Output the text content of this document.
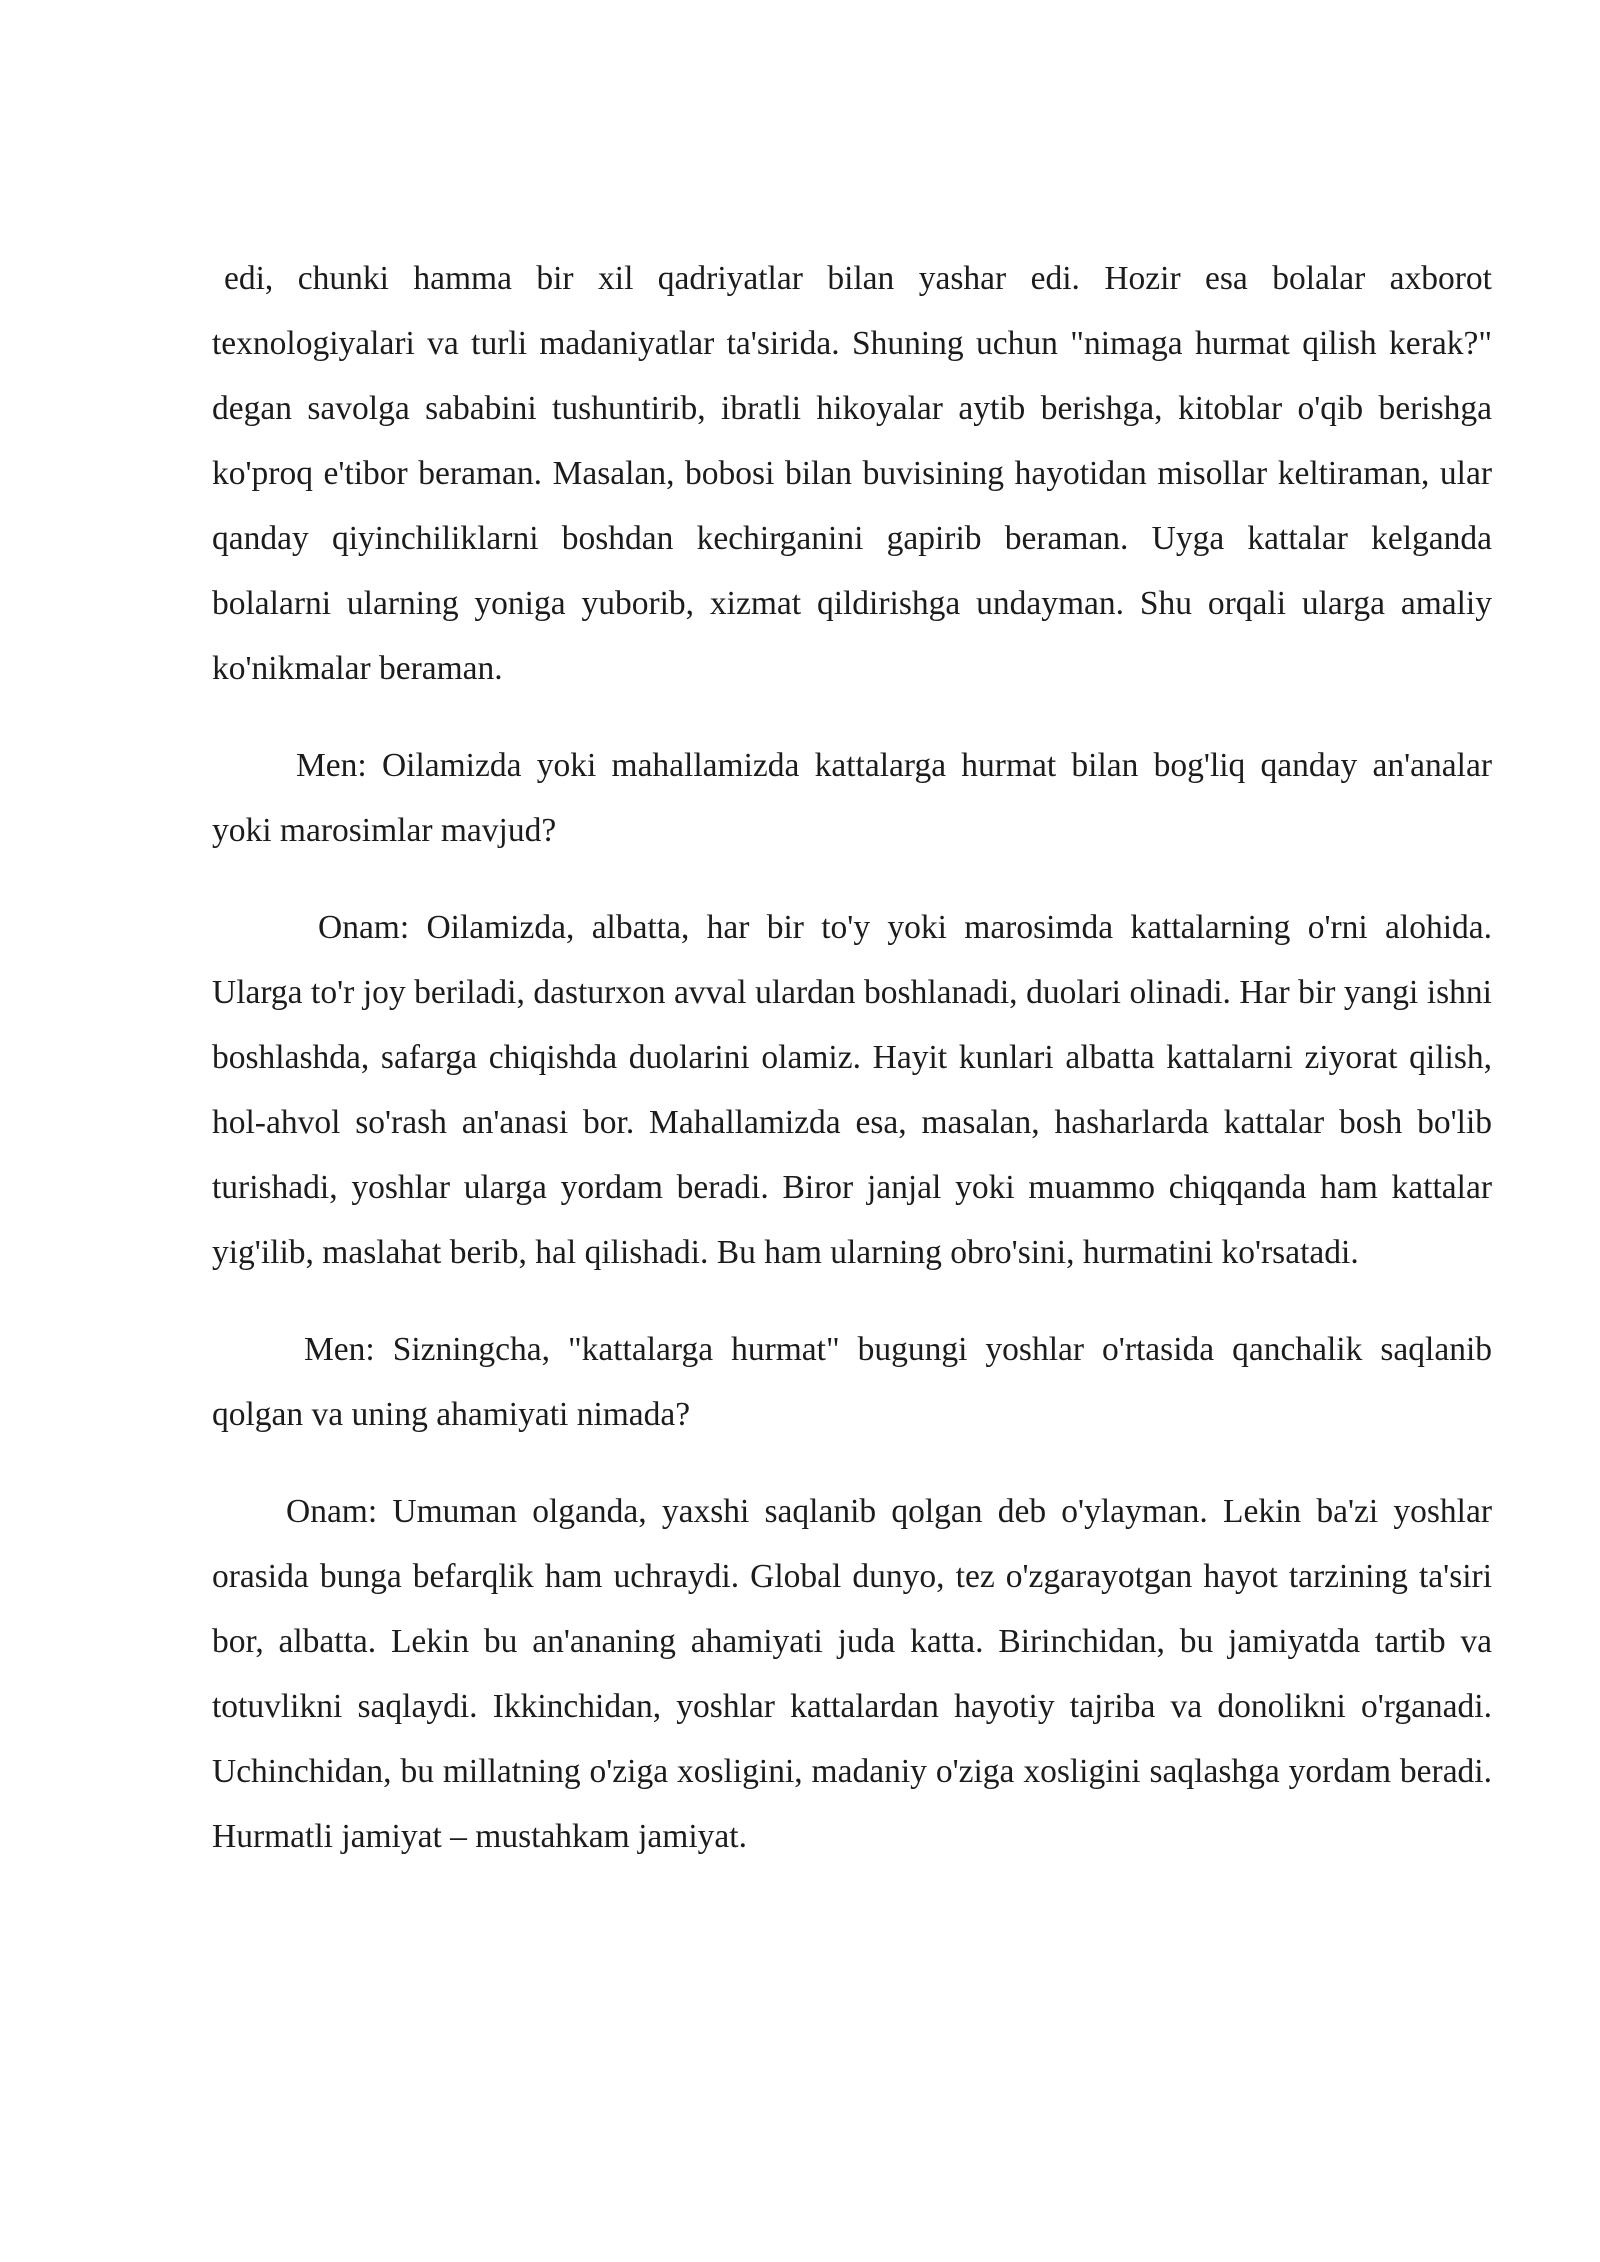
edi, chunki hamma bir xil qadriyatlar bilan yashar edi. Hozir esa bolalar axborot texnologiyalari va turli madaniyatlar ta'sirida. Shuning uchun "nimaga hurmat qilish kerak?" degan savolga sababini tushuntirib, ibratli hikoyalar aytib berishga, kitoblar o'qib berishga ko'proq e'tibor beraman. Masalan, bobosi bilan buvisining hayotidan misollar keltiraman, ular qanday qiyinchiliklarni boshdan kechirganini gapirib beraman. Uyga kattalar kelganda bolalarni ularning yoniga yuborib, xizmat qildirishga undayman. Shu orqali ularga amaliy ko'nikmalar beraman.

Men: Oilamizda yoki mahallamizda kattalarga hurmat bilan bog'liq qanday an'analar yoki marosimlar mavjud?

Onam: Oilamizda, albatta, har bir to'y yoki marosimda kattalarning o'rni alohida. Ularga to'r joy beriladi, dasturxon avval ulardan boshlanadi, duolari olinadi. Har bir yangi ishni boshlashda, safarga chiqishda duolarini olamiz. Hayit kunlari albatta kattalarni ziyorat qilish, hol-ahvol so'rash an'anasi bor. Mahallamizda esa, masalan, hasharlarda kattalar bosh bo'lib turishadi, yoshlar ularga yordam beradi. Biror janjal yoki muammo chiqqanda ham kattalar yig'ilib, maslahat berib, hal qilishadi. Bu ham ularning obro'sini, hurmatini ko'rsatadi.

Men: Sizningcha, "kattalarga hurmat" bugungi yoshlar o'rtasida qanchalik saqlanib qolgan va uning ahamiyati nimada?

Onam: Umuman olganda, yaxshi saqlanib qolgan deb o'ylayman. Lekin ba'zi yoshlar orasida bunga befarqlik ham uchraydi. Global dunyo, tez o'zgarayotgan hayot tarzining ta'siri bor, albatta. Lekin bu an'ananing ahamiyati juda katta. Birinchidan, bu jamiyatda tartib va totuvlikni saqlaydi. Ikkinchidan, yoshlar kattalardan hayotiy tajriba va donolikni o'rganadi. Uchinchidan, bu millatning o'ziga xosligini, madaniy o'ziga xosligini saqlashga yordam beradi. Hurmatli jamiyat – mustahkam jamiyat.
